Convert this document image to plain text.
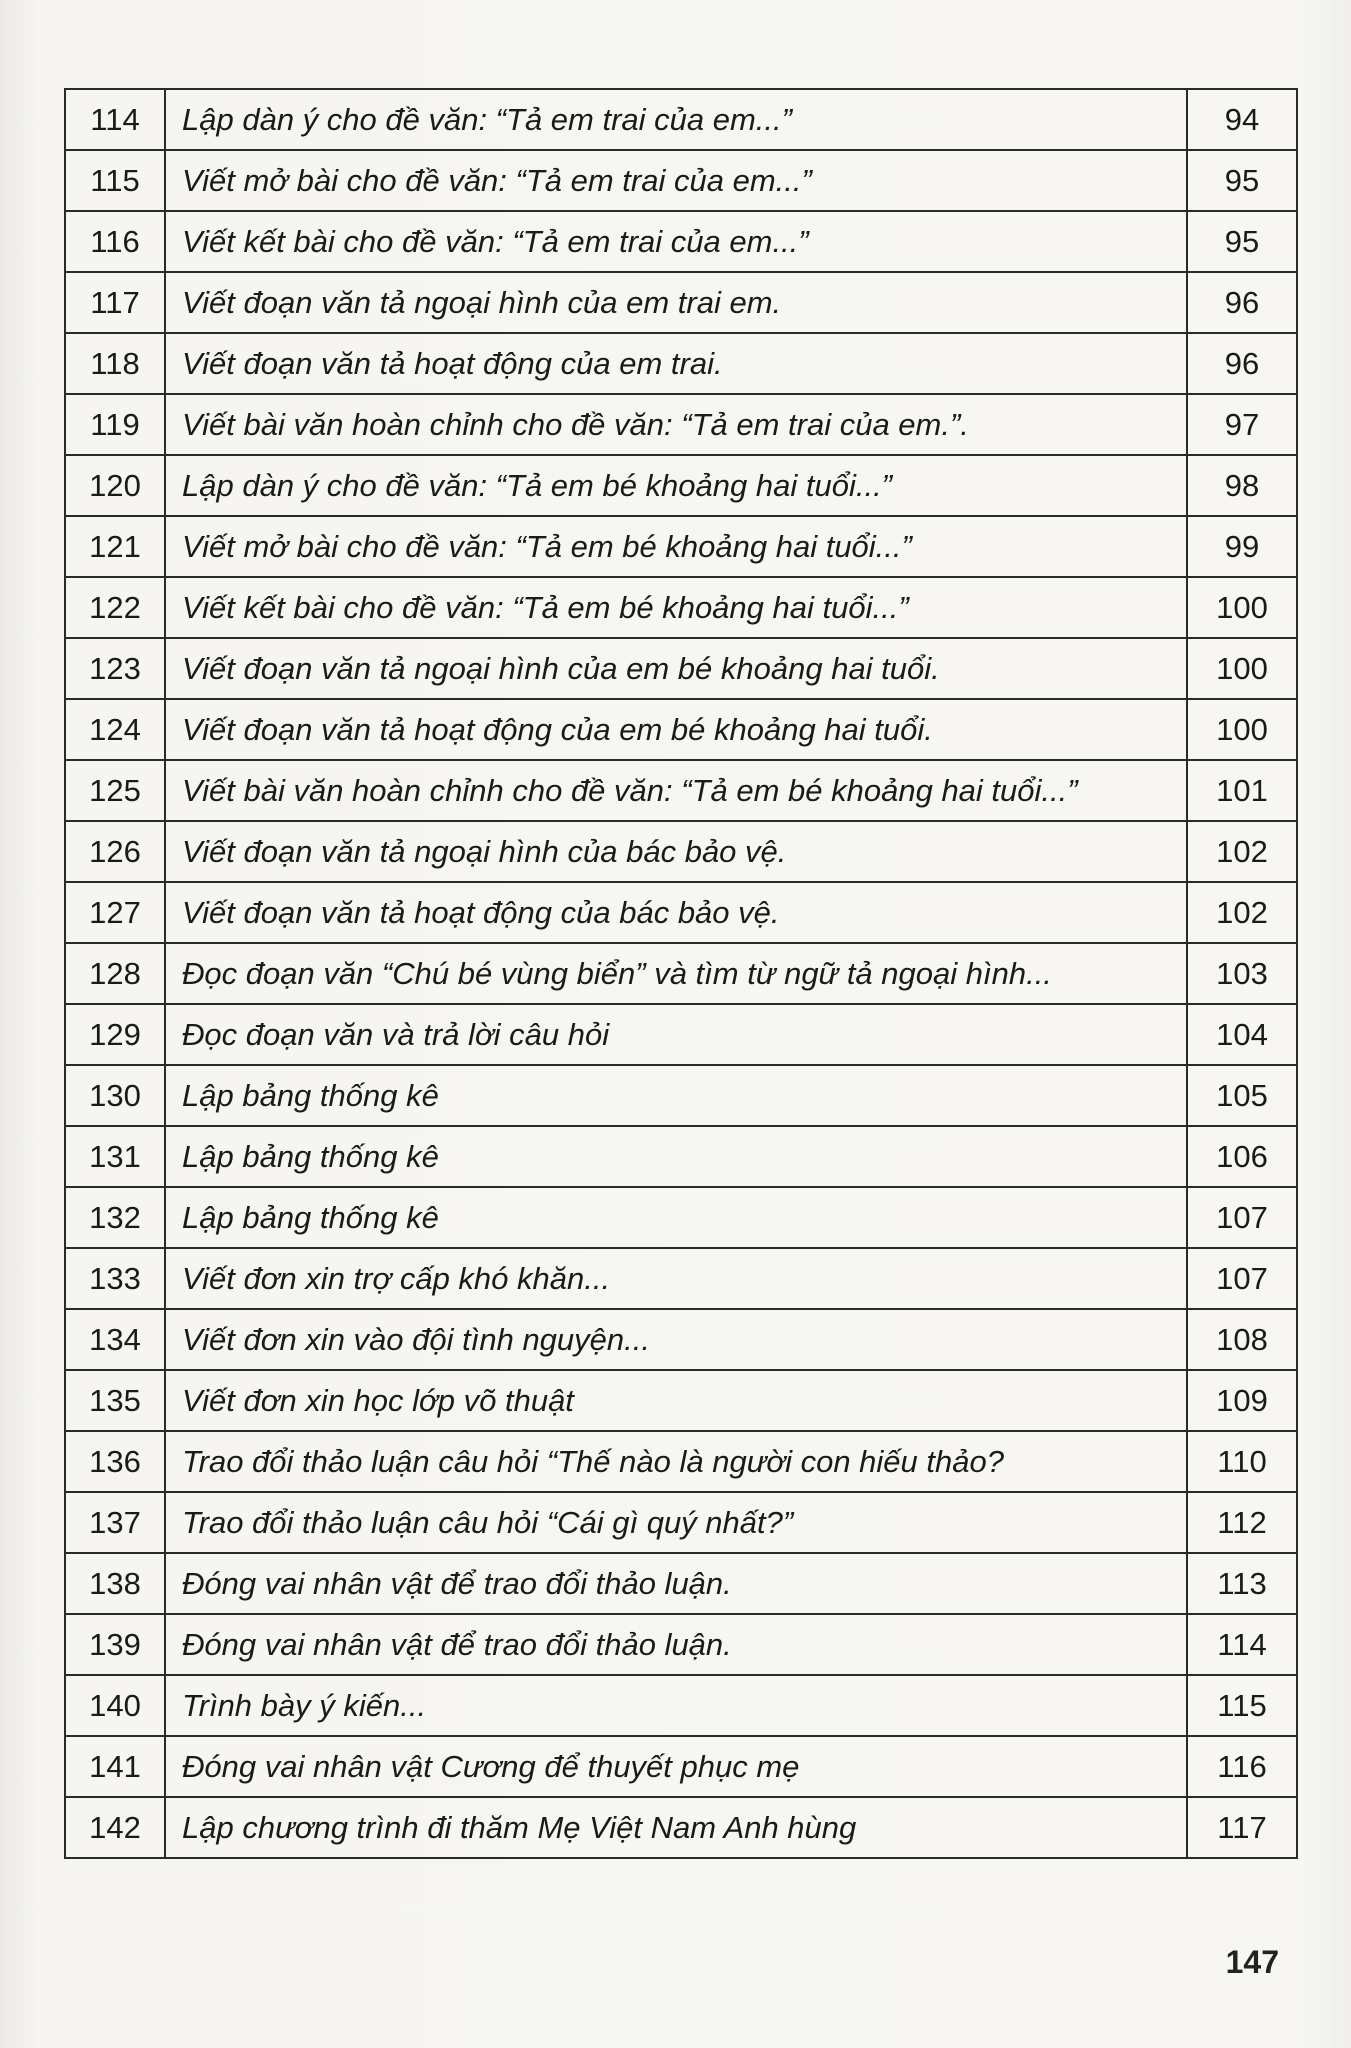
114	Lập dàn ý cho đề văn: “Tả em trai của em...”	94
115	Viết mở bài cho đề văn: “Tả em trai của em...”	95
116	Viết kết bài cho đề văn: “Tả em trai của em...”	95
117	Viết đoạn văn tả ngoại hình của em trai em.	96
118	Viết đoạn văn tả hoạt động của em trai.	96
119	Viết bài văn hoàn chỉnh cho đề văn: “Tả em trai của em.”.	97
120	Lập dàn ý cho đề văn: “Tả em bé khoảng hai tuổi...”	98
121	Viết mở bài cho đề văn: “Tả em bé khoảng hai tuổi...”	99
122	Viết kết bài cho đề văn: “Tả em bé khoảng hai tuổi...”	100
123	Viết đoạn văn tả ngoại hình của em bé khoảng hai tuổi.	100
124	Viết đoạn văn tả hoạt động của em bé khoảng hai tuổi.	100
125	Viết bài văn hoàn chỉnh cho đề văn: “Tả em bé khoảng hai tuổi...”	101
126	Viết đoạn văn tả ngoại hình của bác bảo vệ.	102
127	Viết đoạn văn tả hoạt động của bác bảo vệ.	102
128	Đọc đoạn văn “Chú bé vùng biển” và tìm từ ngữ tả ngoại hình...	103
129	Đọc đoạn văn và trả lời câu hỏi	104
130	Lập bảng thống kê	105
131	Lập bảng thống kê	106
132	Lập bảng thống kê	107
133	Viết đơn xin trợ cấp khó khăn...	107
134	Viết đơn xin vào đội tình nguyện...	108
135	Viết đơn xin học lớp võ thuật	109
136	Trao đổi thảo luận câu hỏi “Thế nào là người con hiếu thảo?	110
137	Trao đổi thảo luận câu hỏi “Cái gì quý nhất?”	112
138	Đóng vai nhân vật để trao đổi thảo luận.	113
139	Đóng vai nhân vật để trao đổi thảo luận.	114
140	Trình bày ý kiến...	115
141	Đóng vai nhân vật Cương để thuyết phục mẹ	116
142	Lập chương trình đi thăm Mẹ Việt Nam Anh hùng	117
147
